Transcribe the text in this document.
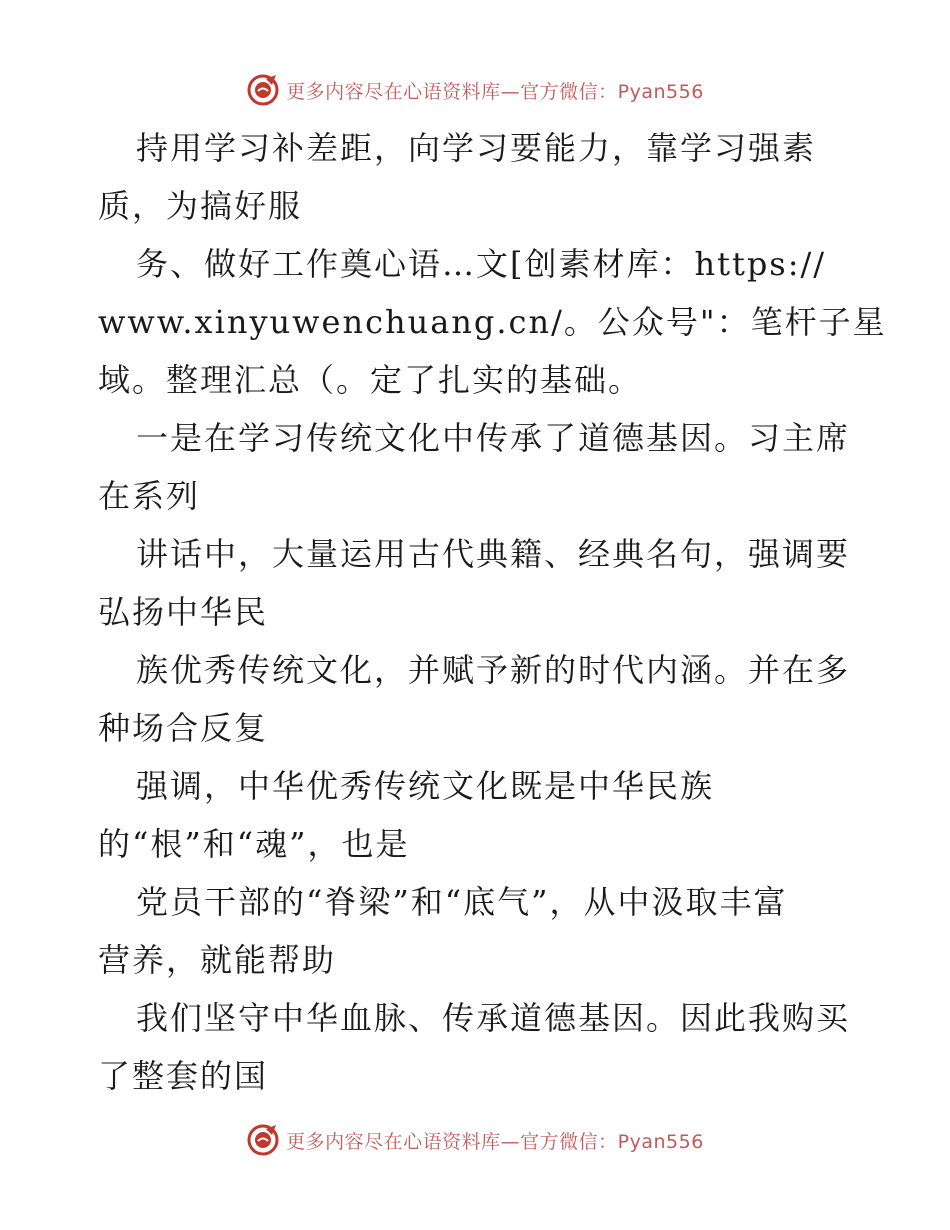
更多内容尽在心语资料库—官方微信：Pyan556
持用学习补差距，向学习要能力，靠学习强素
质，为搞好服
务、做好工作奠心语…文[创素材库：https://
www.xinyuwenchuang.cn/。公众号"：笔杆子星
域。整理汇总（。定了扎实的基础。
一是在学习传统文化中传承了道德基因。习主席
在系列
讲话中，大量运用古代典籍、经典名句，强调要
弘扬中华民
族优秀传统文化，并赋予新的时代内涵。并在多
种场合反复
强调，中华优秀传统文化既是中华民族
的“根”和“魂”，也是
党员干部的“脊梁”和“底气”，从中汲取丰富
营养，就能帮助
我们坚守中华血脉、传承道德基因。因此我购买
了整套的国
更多内容尽在心语资料库—官方微信：Pyan556
